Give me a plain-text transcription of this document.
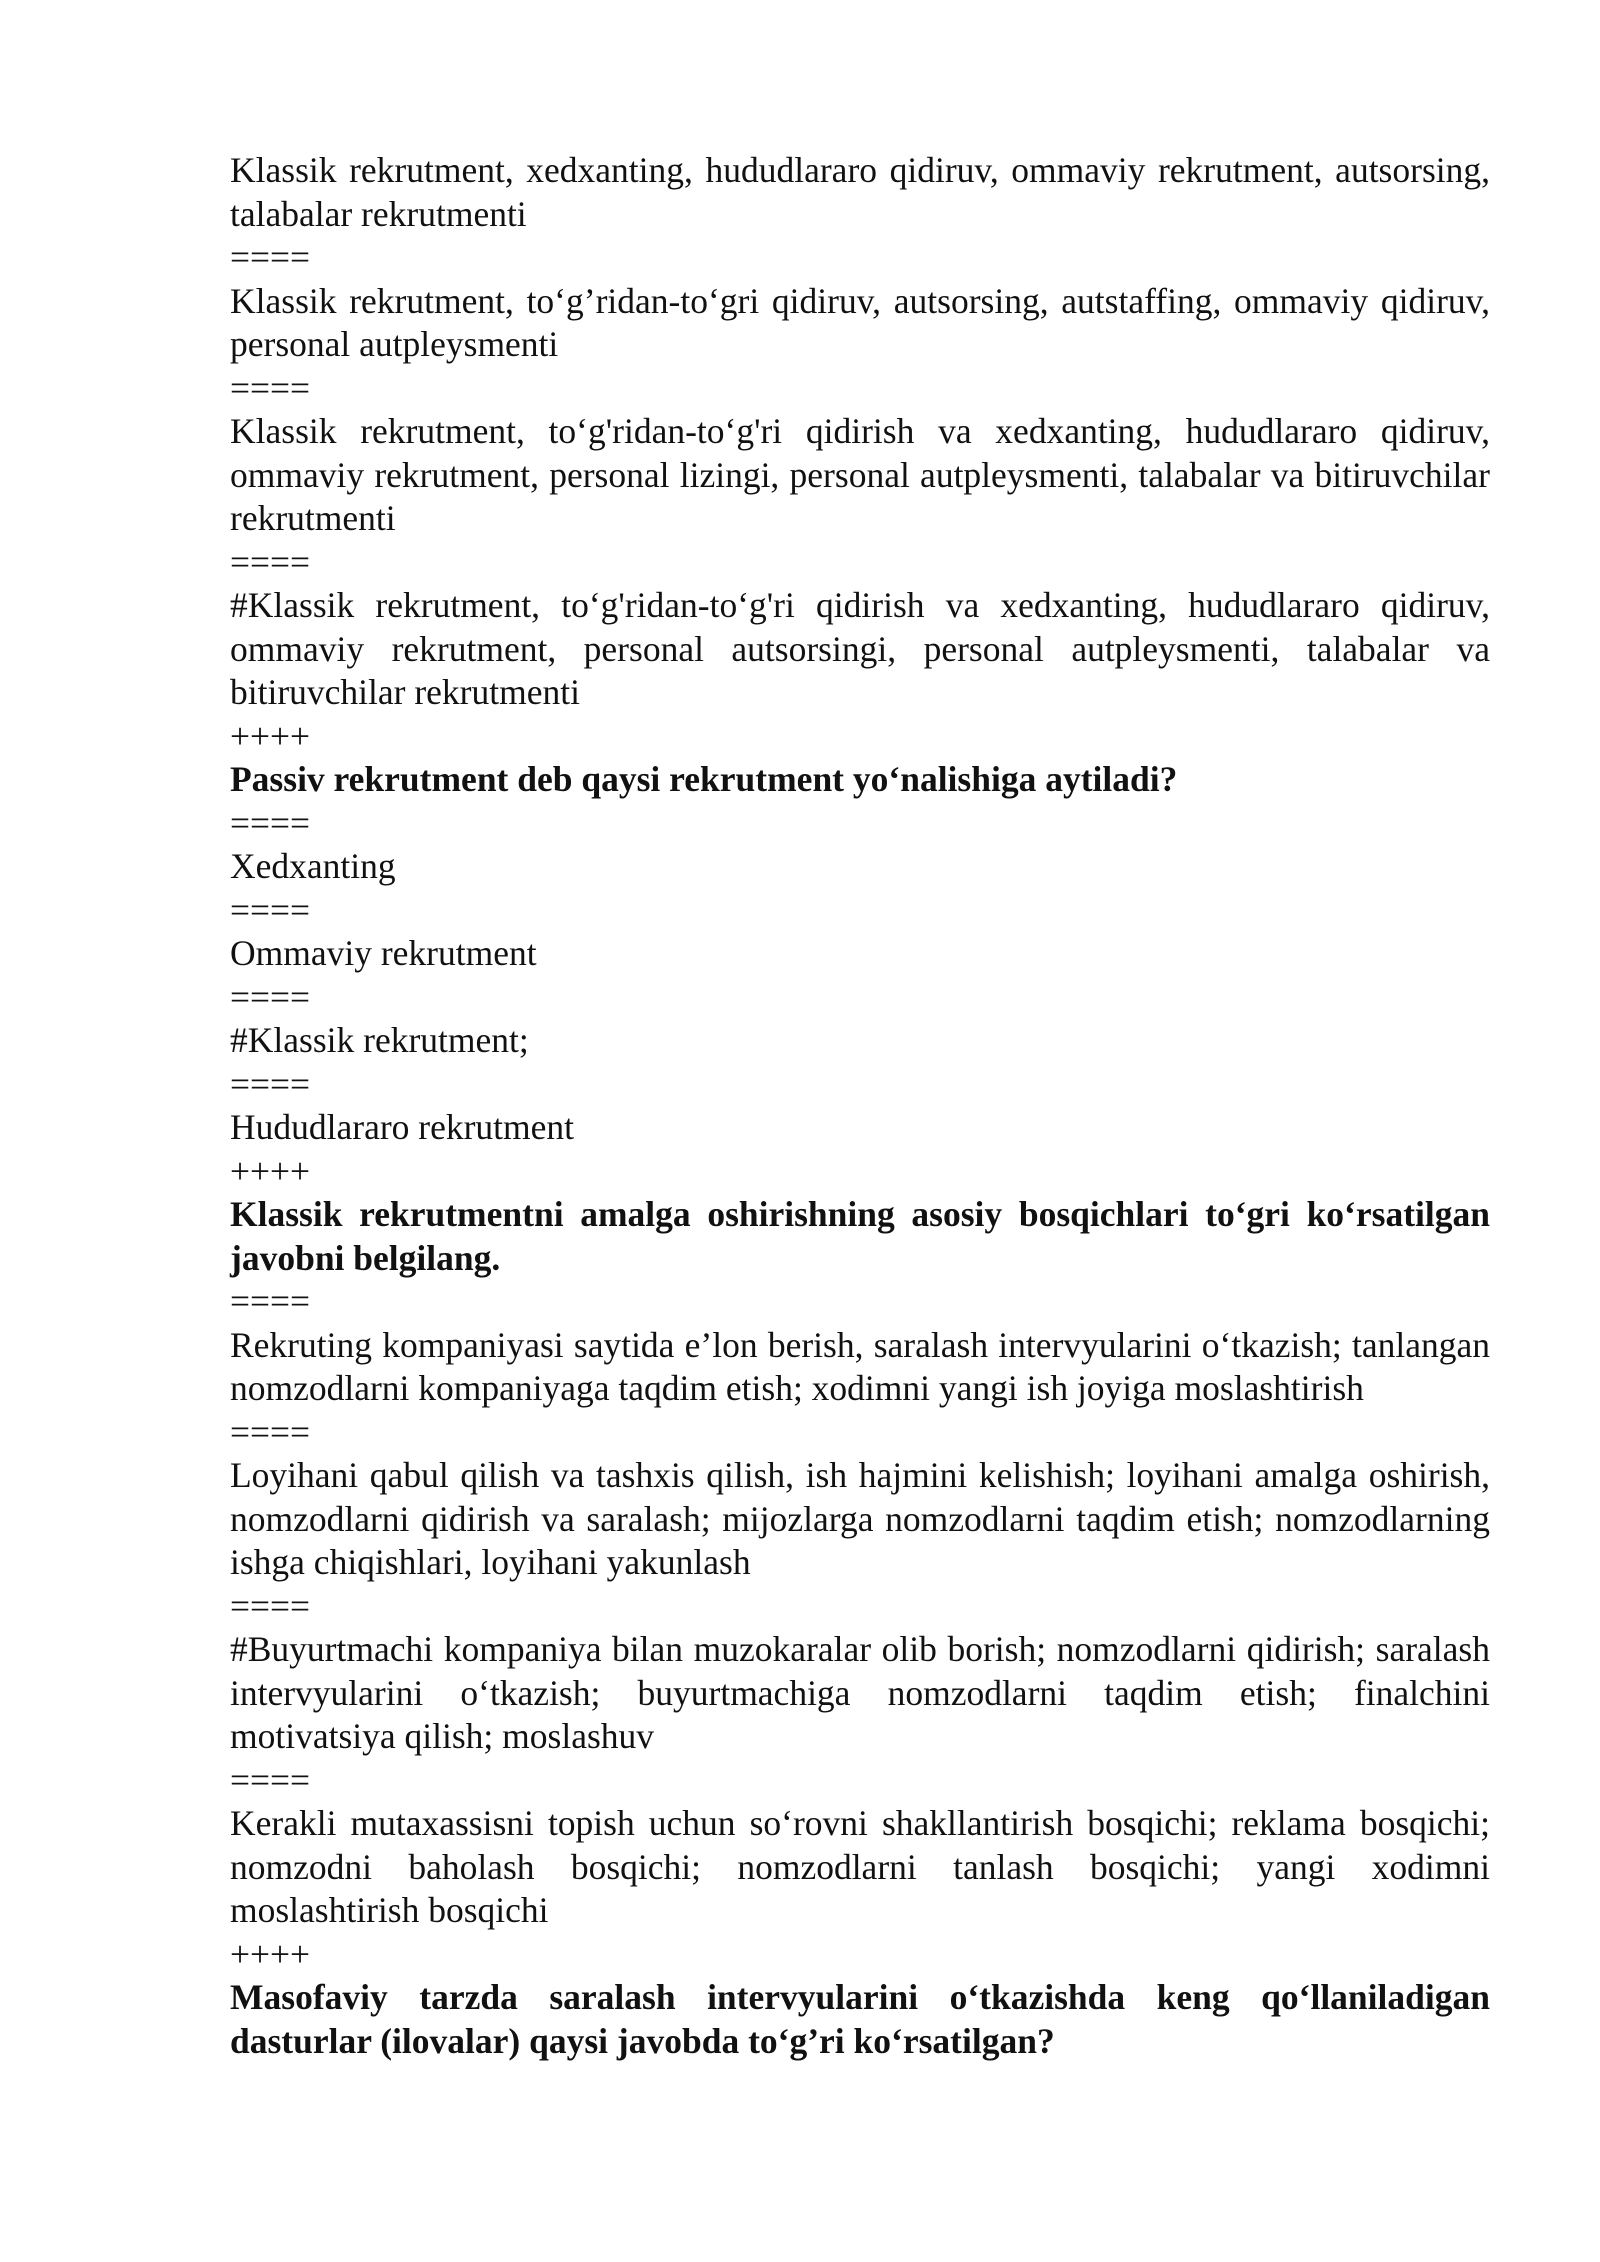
Klassik rekrutment, xedxanting, hududlararo qidiruv, ommaviy rekrutment, autsorsing, talabalar rekrutmenti

====

Klassik rekrutment, to‘g’ridan-to‘gri qidiruv, autsorsing, autstaffing, ommaviy qidiruv, personal autpleysmenti

====

Klassik rekrutment, to‘g'ridan-to‘g'ri qidirish va xedxanting, hududlararo qidiruv, ommaviy rekrutment, personal lizingi, personal autpleysmenti, talabalar va bitiruvchilar rekrutmenti

====

#Klassik rekrutment, to‘g'ridan-to‘g'ri qidirish va xedxanting, hududlararo qidiruv, ommaviy rekrutment, personal autsorsingi, personal autpleysmenti, talabalar va bitiruvchilar rekrutmenti

++++

Passiv rekrutment deb qaysi rekrutment yo‘nalishiga aytiladi?

====

Xedxanting

====

Ommaviy rekrutment

====

#Klassik rekrutment;

====

Hududlararo rekrutment

++++

Klassik rekrutmentni amalga oshirishning asosiy bosqichlari to‘gri ko‘rsatilgan javobni belgilang.

====

Rekruting kompaniyasi saytida e’lon berish, saralash intervyularini o‘tkazish; tanlangan nomzodlarni kompaniyaga taqdim etish; xodimni yangi ish joyiga moslashtirish

====

Loyihani qabul qilish va tashxis qilish, ish hajmini kelishish; loyihani amalga oshirish, nomzodlarni qidirish va saralash; mijozlarga nomzodlarni taqdim etish; nomzodlarning ishga chiqishlari, loyihani yakunlash

====

#Buyurtmachi kompaniya bilan muzokaralar olib borish; nomzodlarni qidirish; saralash intervyularini o‘tkazish; buyurtmachiga nomzodlarni taqdim etish; finalchini motivatsiya qilish; moslashuv

====

Kerakli mutaxassisni topish uchun so‘rovni shakllantirish bosqichi; reklama bosqichi; nomzodni baholash bosqichi; nomzodlarni tanlash bosqichi; yangi xodimni moslashtirish bosqichi

++++

Masofaviy tarzda saralash intervyularini o‘tkazishda keng qo‘llaniladigan dasturlar (ilovalar) qaysi javobda to‘g’ri ko‘rsatilgan?
